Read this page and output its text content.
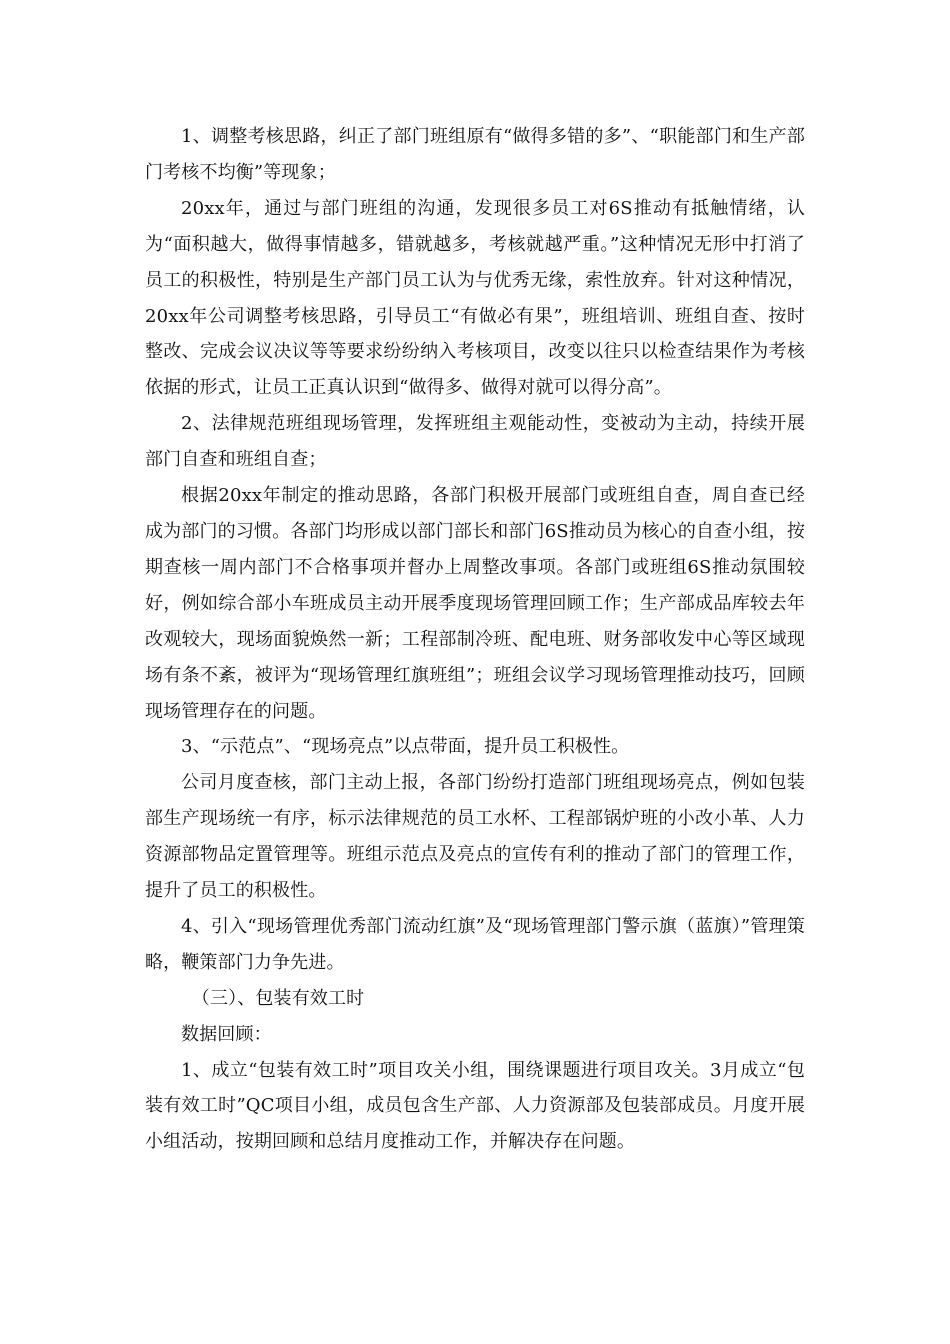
1、调整考核思路，纠正了部门班组原有“做得多错的多”、“职能部门和生产部门考核不均衡”等现象；

20xx年，通过与部门班组的沟通，发现很多员工对6S推动有抵触情绪，认为“面积越大，做得事情越多，错就越多，考核就越严重。”这种情况无形中打消了员工的积极性，特别是生产部门员工认为与优秀无缘，索性放弃。针对这种情况，20xx年公司调整考核思路，引导员工“有做必有果”，班组培训、班组自查、按时整改、完成会议决议等等要求纷纷纳入考核项目，改变以往只以检查结果作为考核依据的形式，让员工正真认识到“做得多、做得对就可以得分高”。

2、法律规范班组现场管理，发挥班组主观能动性，变被动为主动，持续开展部门自查和班组自查；

根据20xx年制定的推动思路，各部门积极开展部门或班组自查，周自查已经成为部门的习惯。各部门均形成以部门部长和部门6S推动员为核心的自查小组，按期查核一周内部门不合格事项并督办上周整改事项。各部门或班组6S推动氛围较好，例如综合部小车班成员主动开展季度现场管理回顾工作；生产部成品库较去年改观较大，现场面貌焕然一新；工程部制冷班、配电班、财务部收发中心等区域现场有条不紊，被评为“现场管理红旗班组”；班组会议学习现场管理推动技巧，回顾现场管理存在的问题。

3、“示范点”、“现场亮点”以点带面，提升员工积极性。

公司月度查核，部门主动上报，各部门纷纷打造部门班组现场亮点，例如包装部生产现场统一有序，标示法律规范的员工水杯、工程部锅炉班的小改小革、人力资源部物品定置管理等。班组示范点及亮点的宣传有利的推动了部门的管理工作，提升了员工的积极性。

4、引入“现场管理优秀部门流动红旗”及“现场管理部门警示旗（蓝旗）”管理策略，鞭策部门力争先进。

（三）、包装有效工时

数据回顾：

1、成立“包装有效工时”项目攻关小组，围绕课题进行项目攻关。3月成立“包装有效工时”QC项目小组，成员包含生产部、人力资源部及包装部成员。月度开展小组活动，按期回顾和总结月度推动工作，并解决存在问题。
